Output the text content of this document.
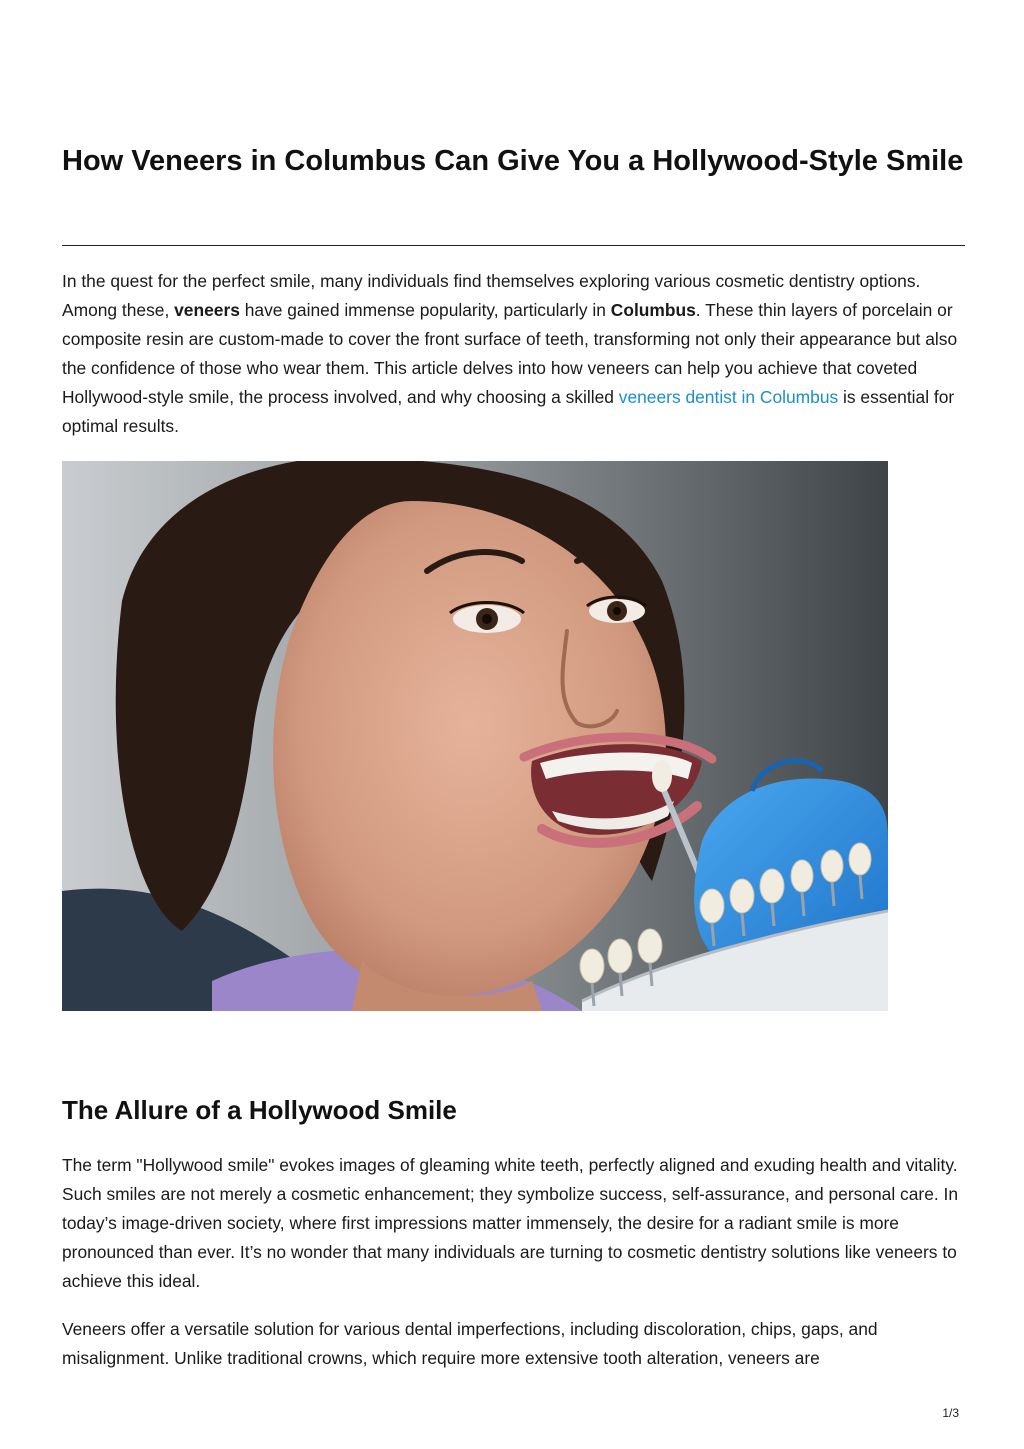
How Veneers in Columbus Can Give You a Hollywood-Style Smile

In the quest for the perfect smile, many individuals find themselves exploring various cosmetic dentistry options. Among these, veneers have gained immense popularity, particularly in Columbus. These thin layers of porcelain or composite resin are custom-made to cover the front surface of teeth, transforming not only their appearance but also the confidence of those who wear them. This article delves into how veneers can help you achieve that coveted Hollywood-style smile, the process involved, and why choosing a skilled veneers dentist in Columbus is essential for optimal results.

The Allure of a Hollywood Smile

The term "Hollywood smile" evokes images of gleaming white teeth, perfectly aligned and exuding health and vitality. Such smiles are not merely a cosmetic enhancement; they symbolize success, self-assurance, and personal care. In today’s image-driven society, where first impressions matter immensely, the desire for a radiant smile is more pronounced than ever. It’s no wonder that many individuals are turning to cosmetic dentistry solutions like veneers to achieve this ideal.

Veneers offer a versatile solution for various dental imperfections, including discoloration, chips, gaps, and misalignment. Unlike traditional crowns, which require more extensive tooth alteration, veneers are

1/3
